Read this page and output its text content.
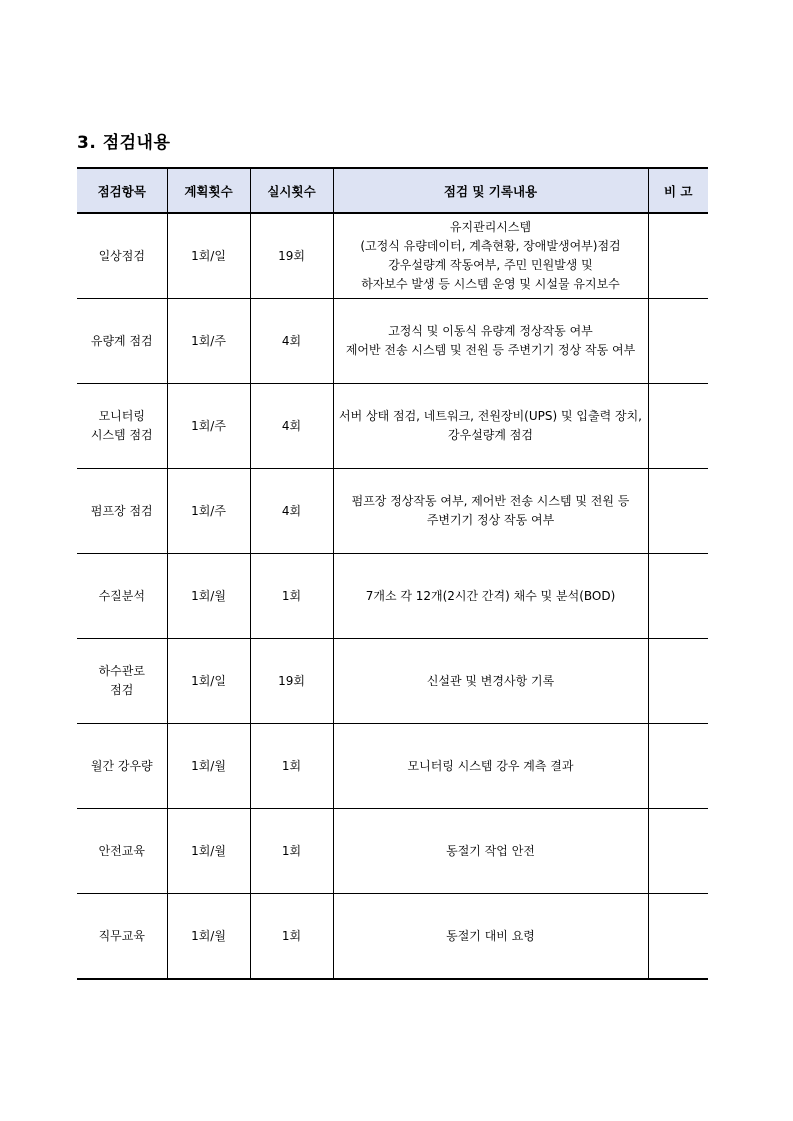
3. 점검내용
점검항목	계획횟수	실시횟수	점검 및 기록내용	비 고
일상점검	1회/일	19회	유지관리시스템
(고정식 유량데이터, 계측현황, 장애발생여부)점검
강우설량계 작동여부, 주민 민원발생 및
하자보수 발생 등 시스템 운영 및 시설물 유지보수	
유량계 점검	1회/주	4회	고정식 및 이동식 유량계 정상작동 여부
제어반 전송 시스템 및 전원 등 주변기기 정상 작동 여부	
모니터링
시스템 점검	1회/주	4회	서버 상태 점검, 네트워크, 전원장비(UPS) 및 입출력 장치,
강우설량계 점검	
펌프장 점검	1회/주	4회	펌프장 정상작동 여부, 제어반 전송 시스템 및 전원 등
주변기기 정상 작동 여부	
수질분석	1회/월	1회	7개소 각 12개(2시간 간격) 채수 및 분석(BOD)	
하수관로
점검	1회/일	19회	신설관 및 변경사항 기록	
월간 강우량	1회/월	1회	모니터링 시스템 강우 계측 결과	
안전교육	1회/월	1회	동절기 작업 안전	
직무교육	1회/월	1회	동절기 대비 요령	
